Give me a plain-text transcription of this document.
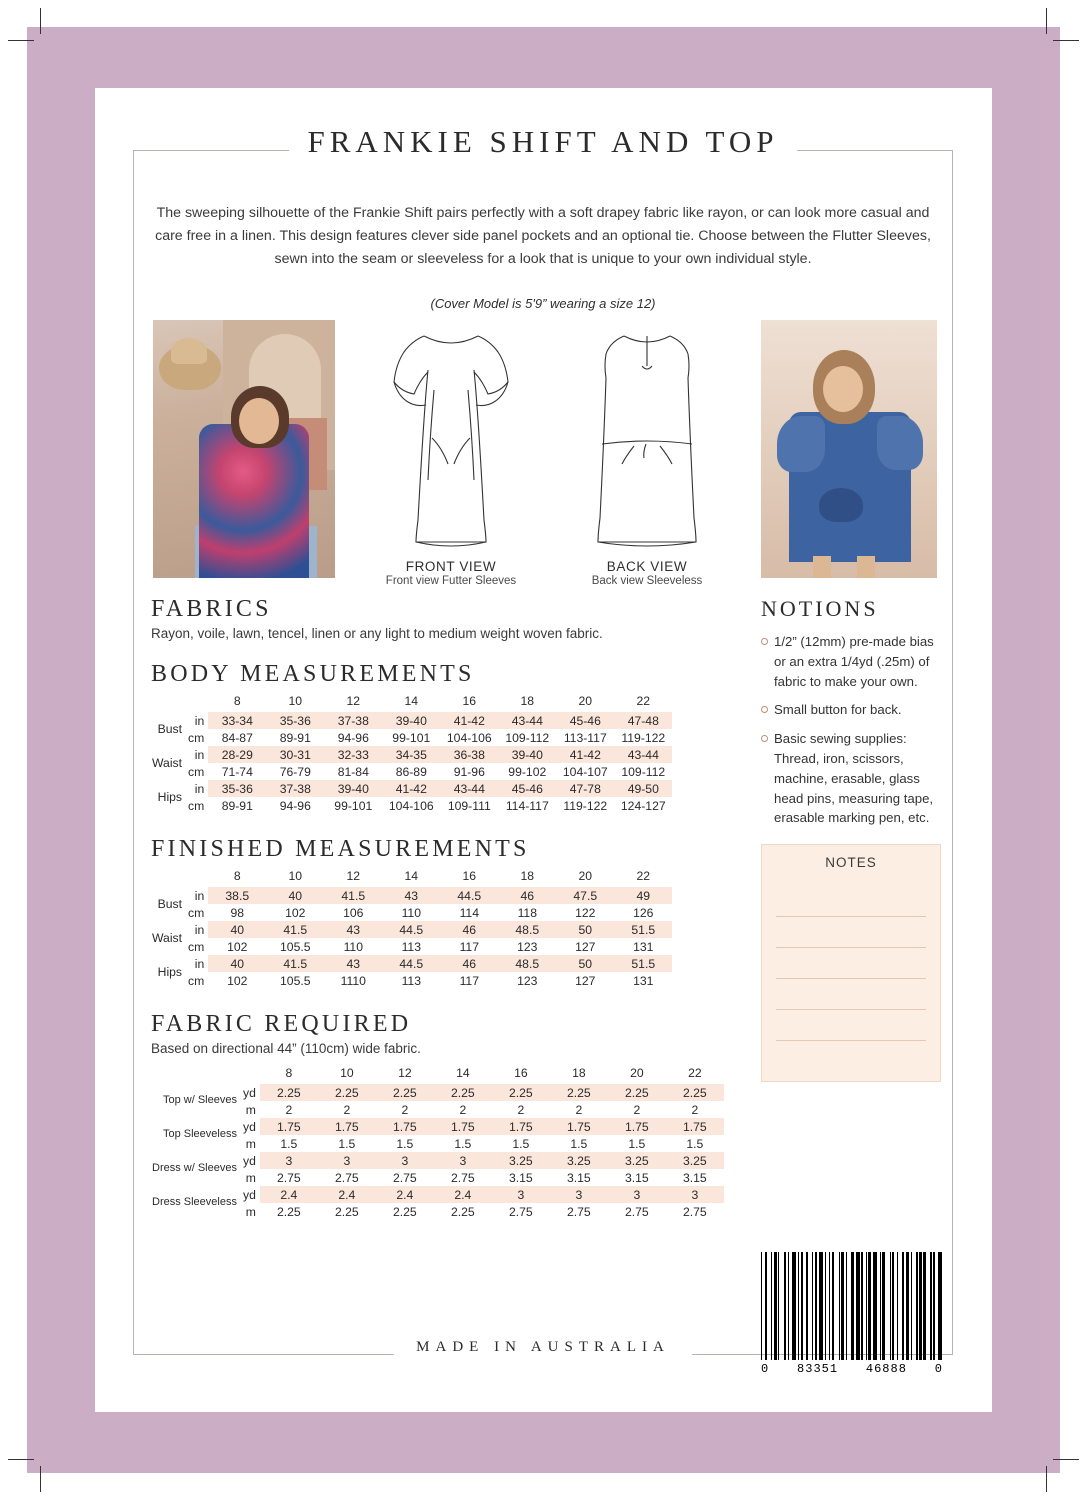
FRANKIE SHIFT AND TOP
The sweeping silhouette of the Frankie Shift pairs perfectly with a soft drapey fabric like rayon, or can look more casual and care free in a linen. This design features clever side panel pockets and an optional tie. Choose between the Flutter Sleeves, sewn into the seam or sleeveless for a look that is unique to your own individual style.
(Cover Model is 5'9” wearing a size 12)
FRONT VIEW
Front view Futter Sleeves
BACK VIEW
Back view Sleeveless
FABRICS
Rayon, voile, lawn, tencel, linen or any light to medium weight woven fabric.
BODY MEASUREMENTS
		8	10	12	14	16	18	20	22
Bust	in	33-34	35-36	37-38	39-40	41-42	43-44	45-46	47-48
	cm	84-87	89-91	94-96	99-101	104-106	109-112	113-117	119-122
Waist	in	28-29	30-31	32-33	34-35	36-38	39-40	41-42	43-44
	cm	71-74	76-79	81-84	86-89	91-96	99-102	104-107	109-112
Hips	in	35-36	37-38	39-40	41-42	43-44	45-46	47-78	49-50
	cm	89-91	94-96	99-101	104-106	109-111	114-117	119-122	124-127
FINISHED MEASUREMENTS
		8	10	12	14	16	18	20	22
Bust	in	38.5	40	41.5	43	44.5	46	47.5	49
	cm	98	102	106	110	114	118	122	126
Waist	in	40	41.5	43	44.5	46	48.5	50	51.5
	cm	102	105.5	110	113	117	123	127	131
Hips	in	40	41.5	43	44.5	46	48.5	50	51.5
	cm	102	105.5	1110	113	117	123	127	131
FABRIC REQUIRED
Based on directional 44” (110cm) wide fabric.
		8	10	12	14	16	18	20	22
Top w/ Sleeves	yd	2.25	2.25	2.25	2.25	2.25	2.25	2.25	2.25
	m	2	2	2	2	2	2	2	2
Top Sleeveless	yd	1.75	1.75	1.75	1.75	1.75	1.75	1.75	1.75
	m	1.5	1.5	1.5	1.5	1.5	1.5	1.5	1.5
Dress w/ Sleeves	yd	3	3	3	3	3.25	3.25	3.25	3.25
	m	2.75	2.75	2.75	2.75	3.15	3.15	3.15	3.15
Dress Sleeveless	yd	2.4	2.4	2.4	2.4	3	3	3	3
	m	2.25	2.25	2.25	2.25	2.75	2.75	2.75	2.75
NOTIONS
1/2” (12mm) pre-made bias or an extra 1/4yd (.25m) of fabric to make your own.
Small button for back.
Basic sewing supplies: Thread, iron, scissors, machine, erasable, glass head pins, measuring tape, erasable marking pen, etc.
NOTES
0 83351 46888 0
MADE IN AUSTRALIA
